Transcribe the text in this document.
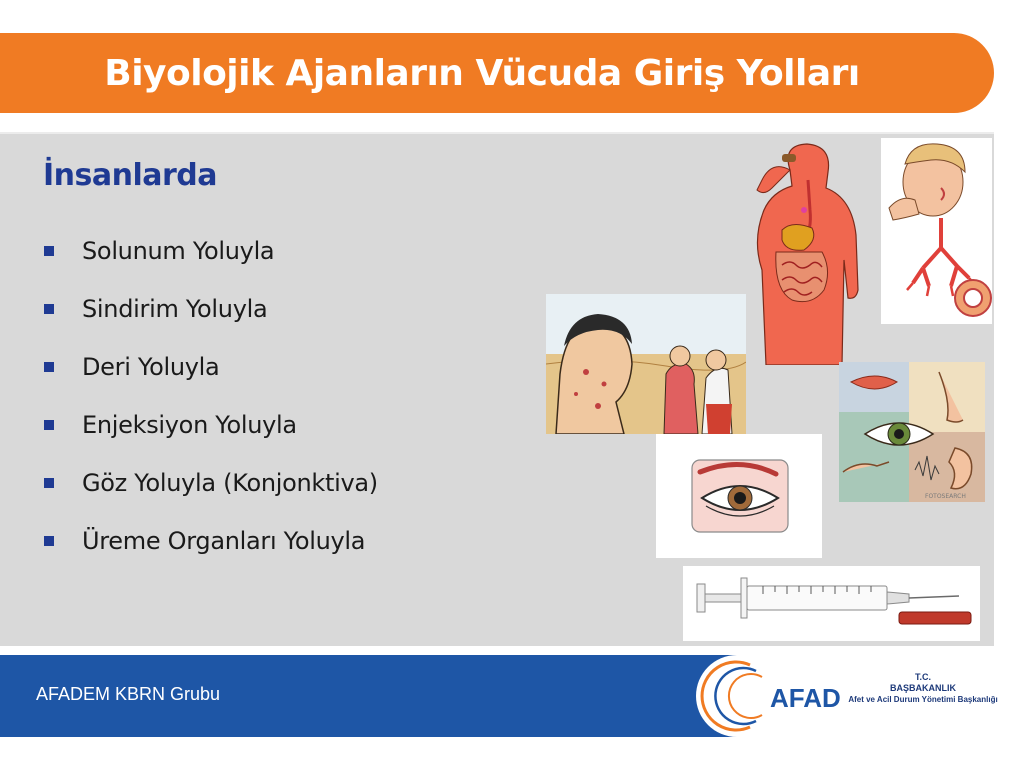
Biyolojik Ajanların Vücuda Giriş Yolları
İnsanlarda
Solunum Yoluyla
Sindirim Yoluyla
Deri Yoluyla
Enjeksiyon Yoluyla
Göz Yoluyla (Konjonktiva)
Üreme Organları Yoluyla
FOTOSEARCH
AFADEM KBRN Grubu	AFAD
T.C.
BAŞBAKANLIK
Afet ve Acil Durum Yönetimi Başkanlığı
